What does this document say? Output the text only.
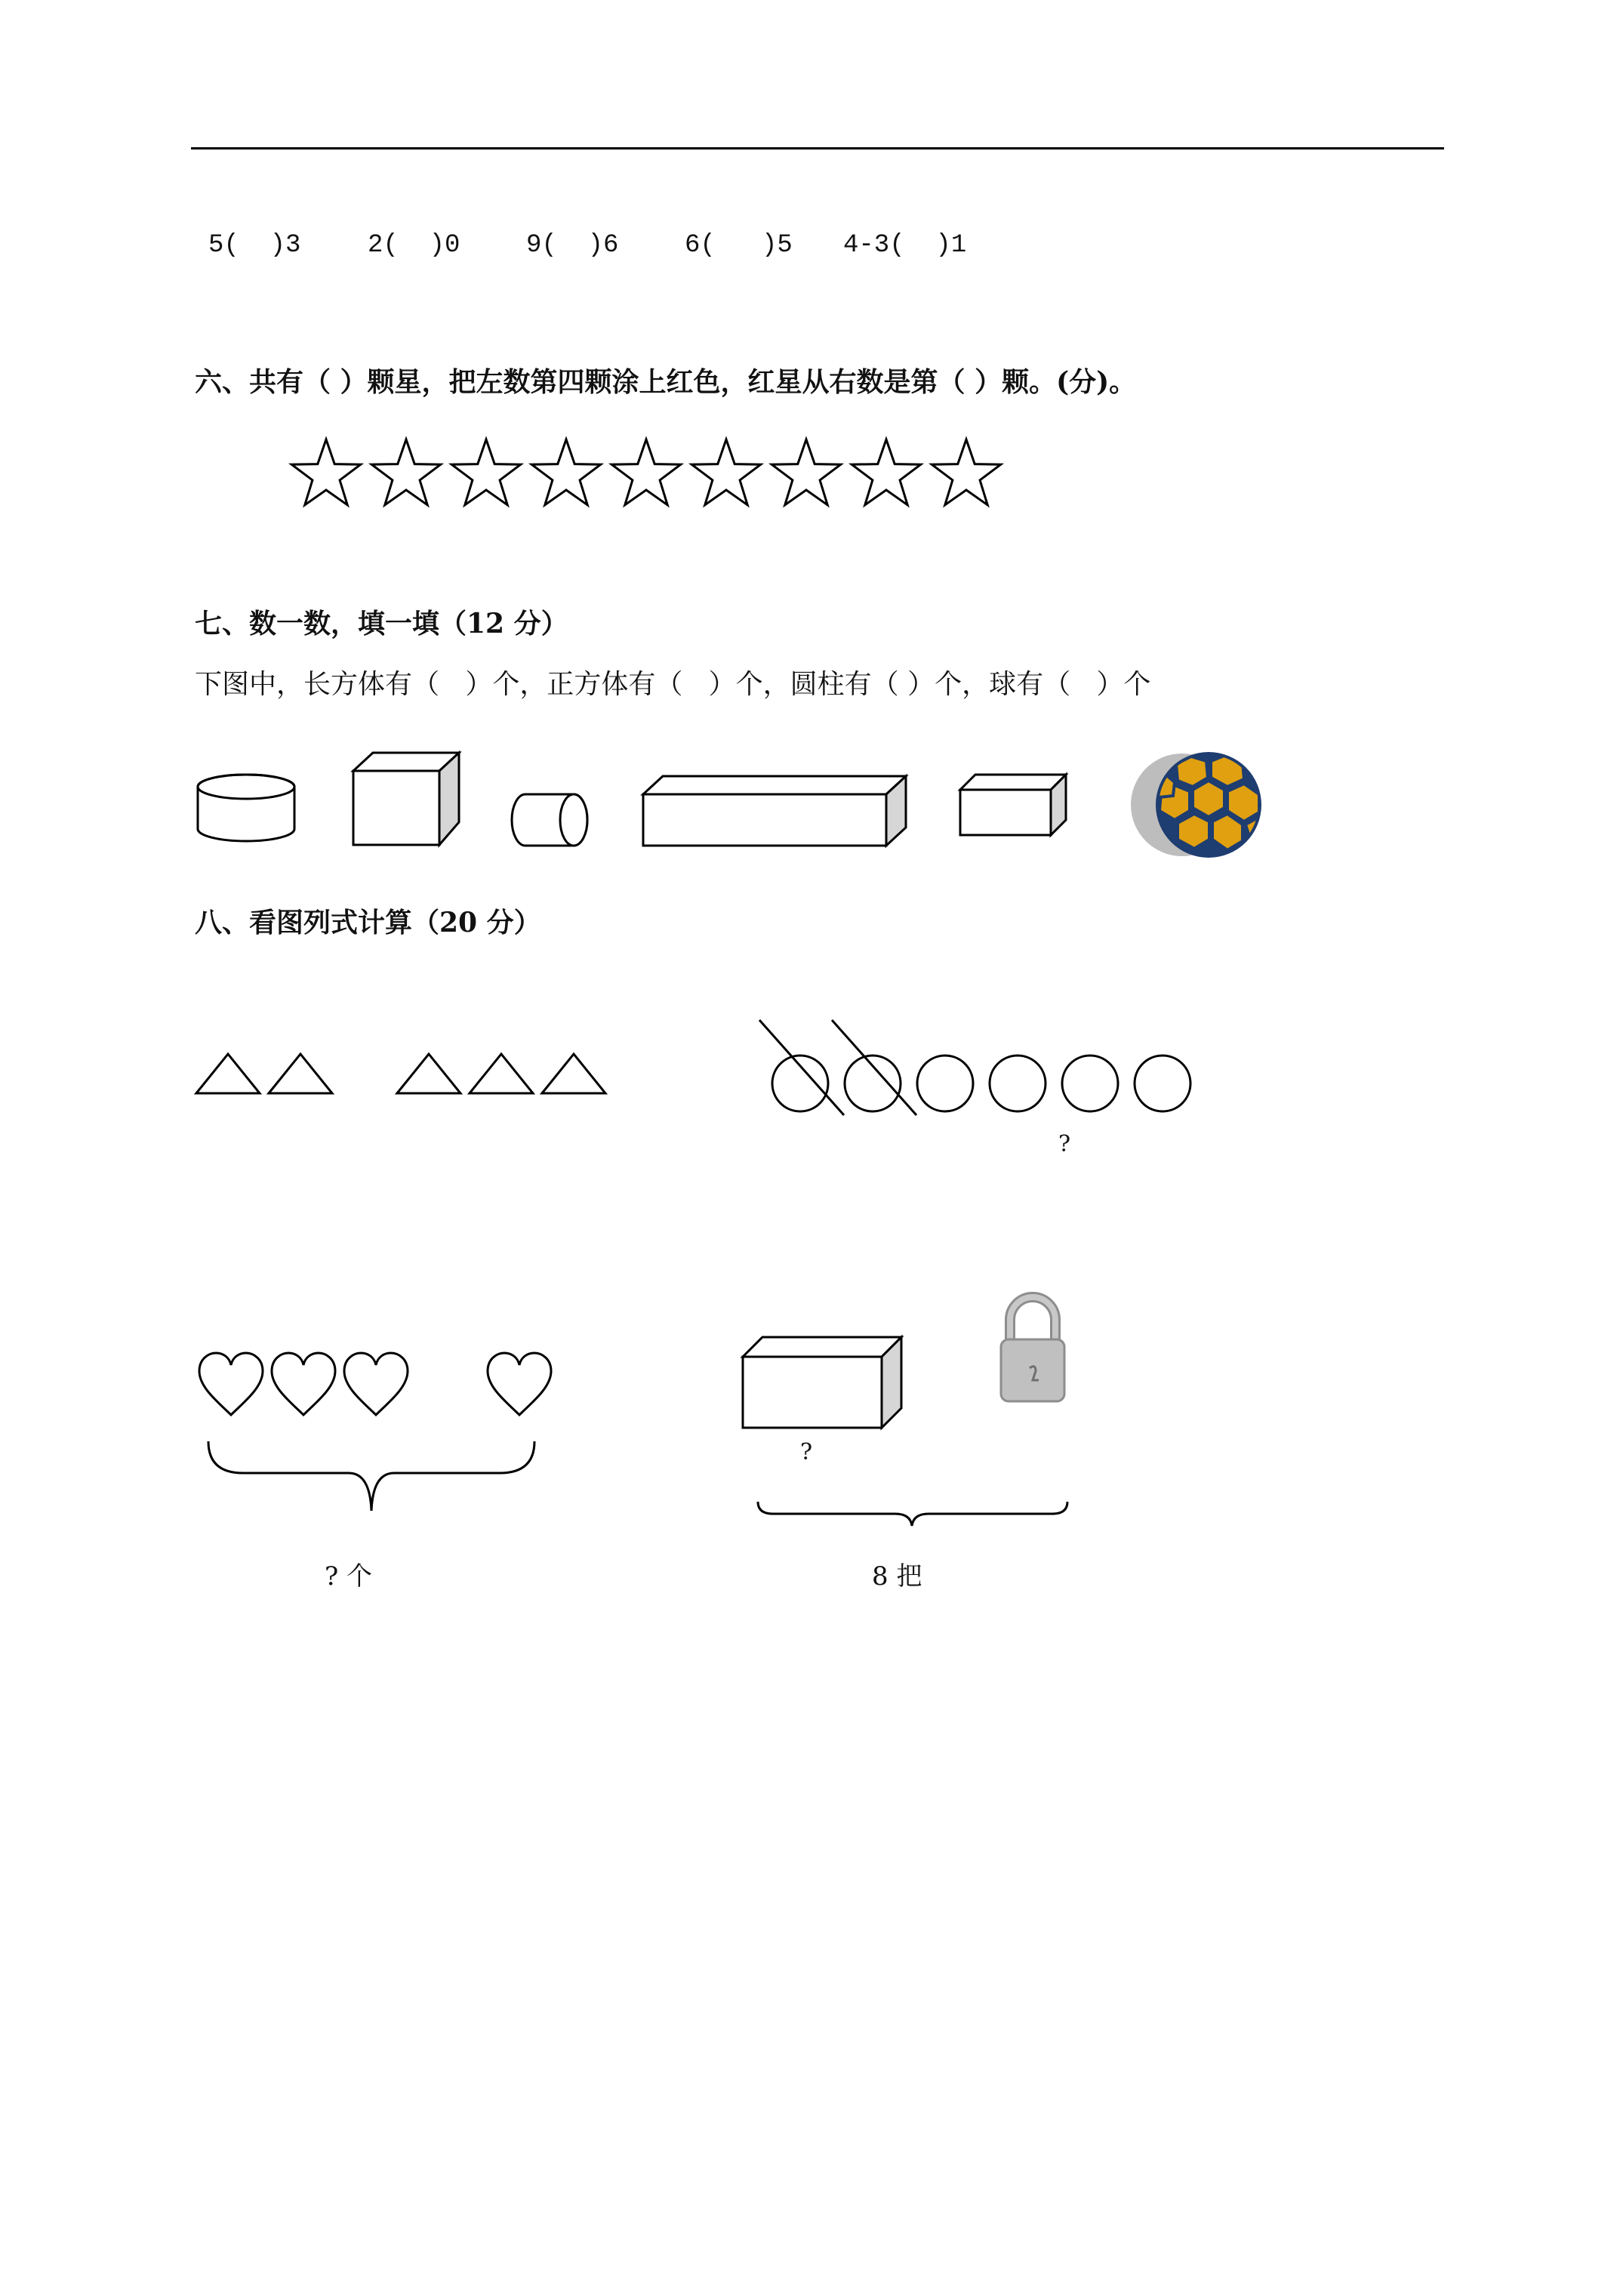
5(  )3	2(  )0	9(  )6	6(   )5 4-3(  )1
六、共有（ ）颗星，把左数第四颗涂上红色，红星从右数是第（ ）颗。(分)。
七、数一数，填一填（12 分）
下图中，长方体有（   ）个，正方体有（   ）个，圆柱有（ ）个，球有（   ）个
八、看图列式计算（20 分）
?
? 个
?
8 把
